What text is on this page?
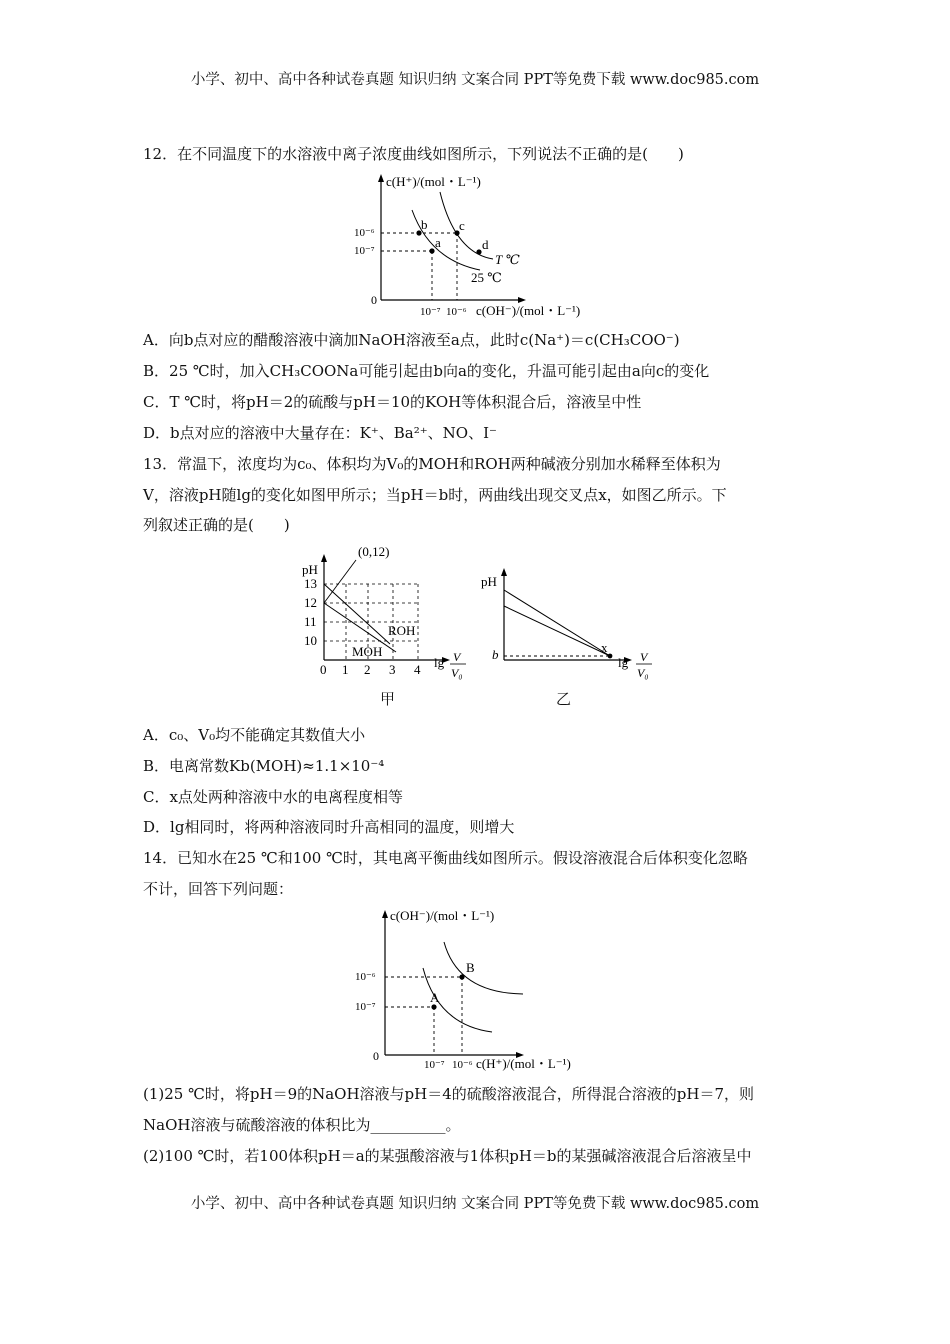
小学、初中、高中各种试卷真题 知识归纳 文案合同 PPT等免费下载 www.doc985.com
12．在不同温度下的水溶液中离子浓度曲线如图所示，下列说法不正确的是(　　)
c(H⁺)/(mol・L⁻¹)
10⁻⁶
10⁻⁷
0
10⁻⁷ 10⁻⁶ c(OH⁻)/(mol・L⁻¹)
b
a
c
d
T ℃
25 ℃
A．向b点对应的醋酸溶液中滴加NaOH溶液至a点，此时c(Na⁺)＝c(CH₃COO⁻)
B．25 ℃时，加入CH₃COONa可能引起由b向a的变化，升温可能引起由a向c的变化
C．T ℃时，将pH＝2的硫酸与pH＝10的KOH等体积混合后，溶液呈中性
D．b点对应的溶液中大量存在：K⁺、Ba²⁺、NO、I⁻
13．常温下，浓度均为c₀、体积均为V₀的MOH和ROH两种碱液分别加水稀释至体积为
V，溶液pH随lg的变化如图甲所示；当pH＝b时，两曲线出现交叉点x，如图乙所示。下
列叙述正确的是(　　)
pH
(0,12)
13
12
11
10
0 1 2 3 4
ROH
MOH
lg V
V₀
甲
pH
b	x
lg V
V₀
乙
A．c₀、V₀均不能确定其数值大小
B．电离常数Kb(MOH)≈1.1×10⁻⁴
C．x点处两种溶液中水的电离程度相等
D．lg相同时，将两种溶液同时升高相同的温度，则增大
14．已知水在25 ℃和100 ℃时，其电离平衡曲线如图所示。假设溶液混合后体积变化忽略
不计，回答下列问题：
c(OH⁻)/(mol・L⁻¹)
10⁻⁶
10⁻⁷
0
10⁻⁷ 10⁻⁶ c(H⁺)/(mol・L⁻¹)
A
B
(1)25 ℃时，将pH＝9的NaOH溶液与pH＝4的硫酸溶液混合，所得混合溶液的pH＝7，则
NaOH溶液与硫酸溶液的体积比为__________。
(2)100 ℃时，若100体积pH＝a的某强酸溶液与1体积pH＝b的某强碱溶液混合后溶液呈中
小学、初中、高中各种试卷真题 知识归纳 文案合同 PPT等免费下载 www.doc985.com
